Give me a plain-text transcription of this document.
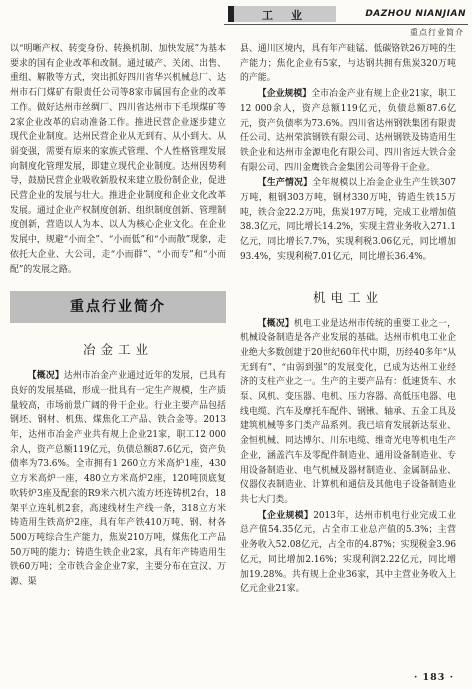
工业	DAZHOU NIANJIAN
重点行业简介

以“明晰产权、转变身份、转换机制、加快发展”为基本要求的国有企业改革和改制。通过破产、关闭、出售、重组、解散等方式，突出抓好四川省华兴机械总厂、达州市石门煤矿有限责任公司等8家市属国有企业的改革工作。做好达州市丝绸厂、四川省达州市下毛坝煤矿等2家企业改革的启动准备工作。推进民营企业逐步建立现代企业制度。达州民营企业从无到有、从小到大、从弱变强，需要有原来的家族式管理、个人性格管理发展向制度化管理发展，即建立现代企业制度。达州因势利导，鼓励民营企业吸收新股权来建立股份制企业，促进民营企业的发展与壮大。推进企业制度和企业文化改革发展。通过企业产权制度创新、组织制度创新、管理制度创新，营造以人为本、以人为核心企业文化。在企业发展中，规避“小而全”、“小而低”和“小而散”现象，走依托大企业、大公司，走“小而群”、“小而专”和“小而配”的发展之路。

重点行业简介
冶金工业

【概况】达州市冶金产业通过近年的发展，已具有良好的发展基础，形成一批具有一定生产规模，生产质量较高，市场前景广阔的骨干企业。行业主要产品包括钢坯、钢材、机焦、煤焦化工产品、铁合金等。2013年，达州市冶金产业共有规上企业21家，职工12 000余人，资产总额119亿元，负债总额87.6亿元，资产负债率为73.6%。全市拥有1 260立方米高炉1座，430立方米高炉一座，480立方米高炉2座，120吨顶底复吹转炉3座及配套的R9米六机六流方坯连铸机2台，18架平立连轧机2套，高速线材生产线一条，318立方米铸造用生铁高炉2座，具有年产铁410万吨、钢、材各500万吨综合生产能力，焦炭210万吨，煤焦化工产品50万吨的能力；铸造生铁企业2家，具有年产铸造用生铁60万吨；全市铁合金企业7家，主要分布在宣汉、万源、渠

县、通川区境内，具有年产硅锰、低碳铬铁26万吨的生产能力；焦化企业有5家，与达钢共拥有焦炭320万吨的产能。

【企业规模】全市冶金产业有规上企业21家，职工12 000余人，资产总额119亿元，负债总额87.6亿元，资产负债率为73.6%。四川省达州钢铁集团有限责任公司、达州荣滨钢铁有限公司、达州钢铁及铸造用生铁企业和达州市金源电化有限公司、四川省远大铁合金有限公司、四川金鹰铁合金集团公司等骨干企业。

【生产情况】全年规模以上冶金企业生产生铁307万吨，粗钢303万吨，钢材330万吨，铸造生铁15万吨，铁合金22.2万吨，焦炭197万吨，完成工业增加值38.3亿元，同比增长14.2%，实现主营业务收入271.1亿元，同比增长7.7%，实现利税3.06亿元，同比增加93.4%，实现利税7.01亿元，同比增长36.4%。

机电工业

【概况】机电工业是达州市传统的重要工业之一，机械设备制造是各产业发展的基础。达州市机电工业企业绝大多数创建于20世纪60年代中期，历经40多年“从无到有”、“由弱到强”的发展变化，已成为达州工业经济的支柱产业之一。生产的主要产品有：低速货车、水泵、风机、变压器、电机、压力容器、高低压电器、电线电缆、汽车及摩托车配件、钢锹、轴承、五金工具及建筑机械等多门类产品系列。我已培育发展新达泵业、金恒机械、同达博尔、川东电缆、维奇光电等机电生产企业，涵盖汽车及零配件制造业、通用设备制造业、专用设备制造业、电气机械及器材制造业、金属制品业、仪器仪表制造业、计算机和通信及其他电子设备制造业共七大门类。

【企业规模】2013年，达州市机电行业完成工业总产值54.35亿元，占全市工业总产值的5.3%；主营业务收入52.08亿元，占全市的4.87%；实现税金3.96亿元，同比增加2.16%；实现利润2.22亿元，同比增加19.28%。共有规上企业36家，其中主营业务收入上亿元企业21家。

· 183 ·
